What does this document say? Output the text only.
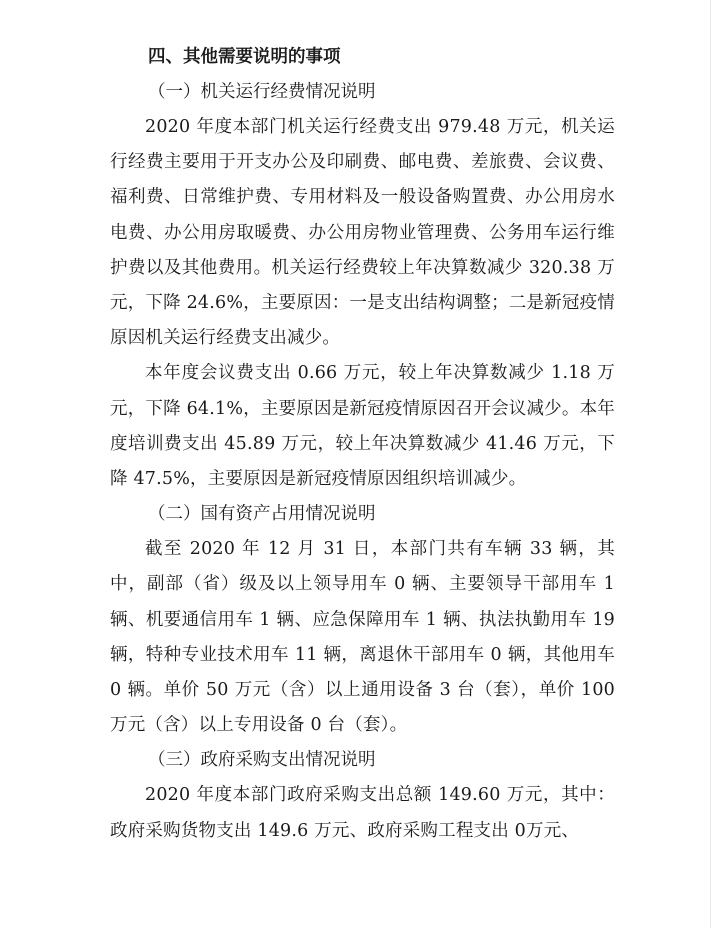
四、其他需要说明的事项
（一）机关运行经费情况说明

2020 年度本部门机关运行经费支出 979.48 万元，机关运行经费主要用于开支办公及印刷费、邮电费、差旅费、会议费、福利费、日常维护费、专用材料及一般设备购置费、办公用房水电费、办公用房取暖费、办公用房物业管理费、公务用车运行维护费以及其他费用。机关运行经费较上年决算数减少 320.38 万元，下降 24.6%，主要原因：一是支出结构调整；二是新冠疫情原因机关运行经费支出减少。

本年度会议费支出 0.66 万元，较上年决算数减少 1.18 万元，下降 64.1%，主要原因是新冠疫情原因召开会议减少。本年度培训费支出 45.89 万元，较上年决算数减少 41.46 万元，下降 47.5%，主要原因是新冠疫情原因组织培训减少。

（二）国有资产占用情况说明

截至 2020 年 12 月 31 日，本部门共有车辆 33 辆，其中，副部（省）级及以上领导用车 0 辆、主要领导干部用车 1 辆、机要通信用车 1 辆、应急保障用车 1 辆、执法执勤用车 19 辆，特种专业技术用车 11 辆，离退休干部用车 0 辆，其他用车 0 辆。单价 50 万元（含）以上通用设备 3 台（套），单价 100 万元（含）以上专用设备 0 台（套）。

（三）政府采购支出情况说明

2020 年度本部门政府采购支出总额 149.60 万元，其中：政府采购货物支出 149.6 万元、政府采购工程支出 0万元、
